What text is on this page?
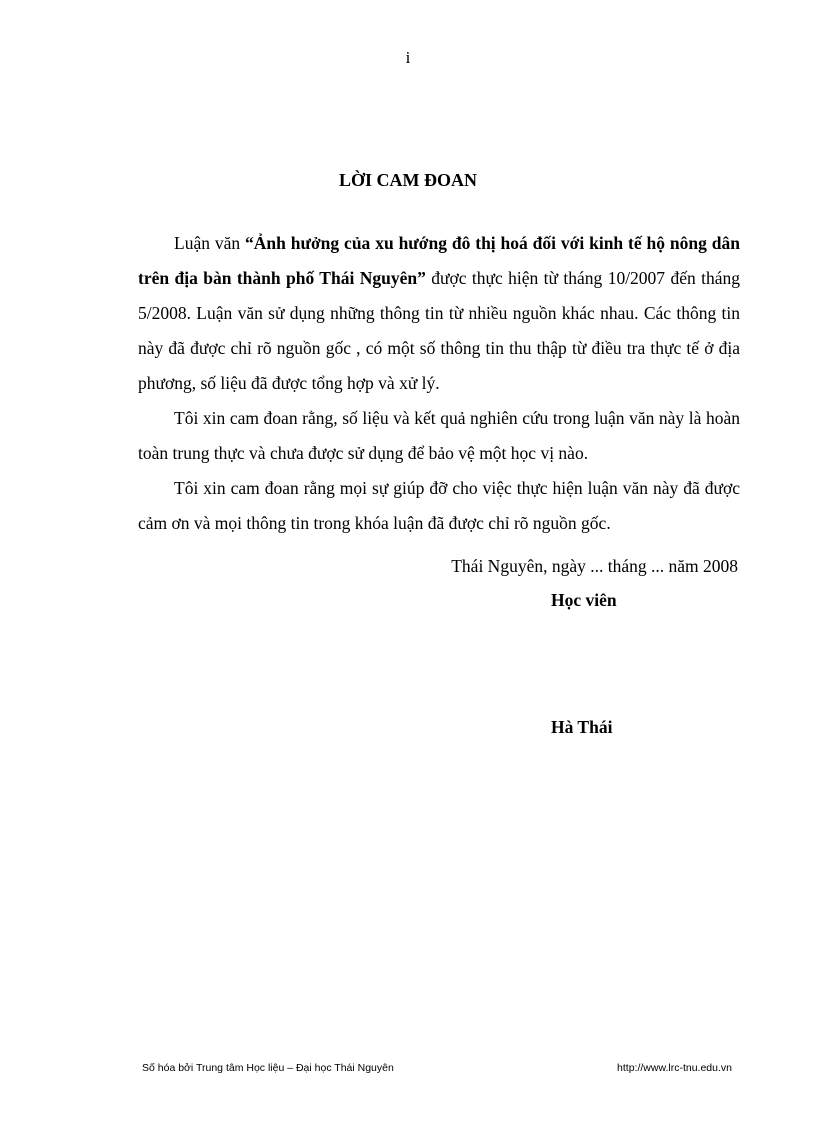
i
LỜI CAM ĐOAN

Luận văn “Ảnh hưởng của xu hướng đô thị hoá đối với kinh tế hộ nông dân trên địa bàn thành phố Thái Nguyên” được thực hiện từ tháng 10/2007 đến tháng 5/2008. Luận văn sử dụng những thông tin từ nhiều nguồn khác nhau. Các thông tin này đã được chỉ rõ nguồn gốc , có một số thông tin thu thập từ điều tra thực tế ở địa phương, số liệu đã được tổng hợp và xử lý.

Tôi xin cam đoan rằng, số liệu và kết quả nghiên cứu trong luận văn này là hoàn toàn trung thực và chưa được sử dụng để bảo vệ một học vị nào.

Tôi xin cam đoan rằng mọi sự giúp đỡ cho việc thực hiện luận văn này đã được cảm ơn và mọi thông tin trong khóa luận đã được chỉ rõ nguồn gốc.

Thái Nguyên, ngày ... tháng ... năm 2008
Học viên
Hà Thái
Số hóa bởi Trung tâm Học liệu – Đại học Thái Nguyên	http://www.lrc-tnu.edu.vn
